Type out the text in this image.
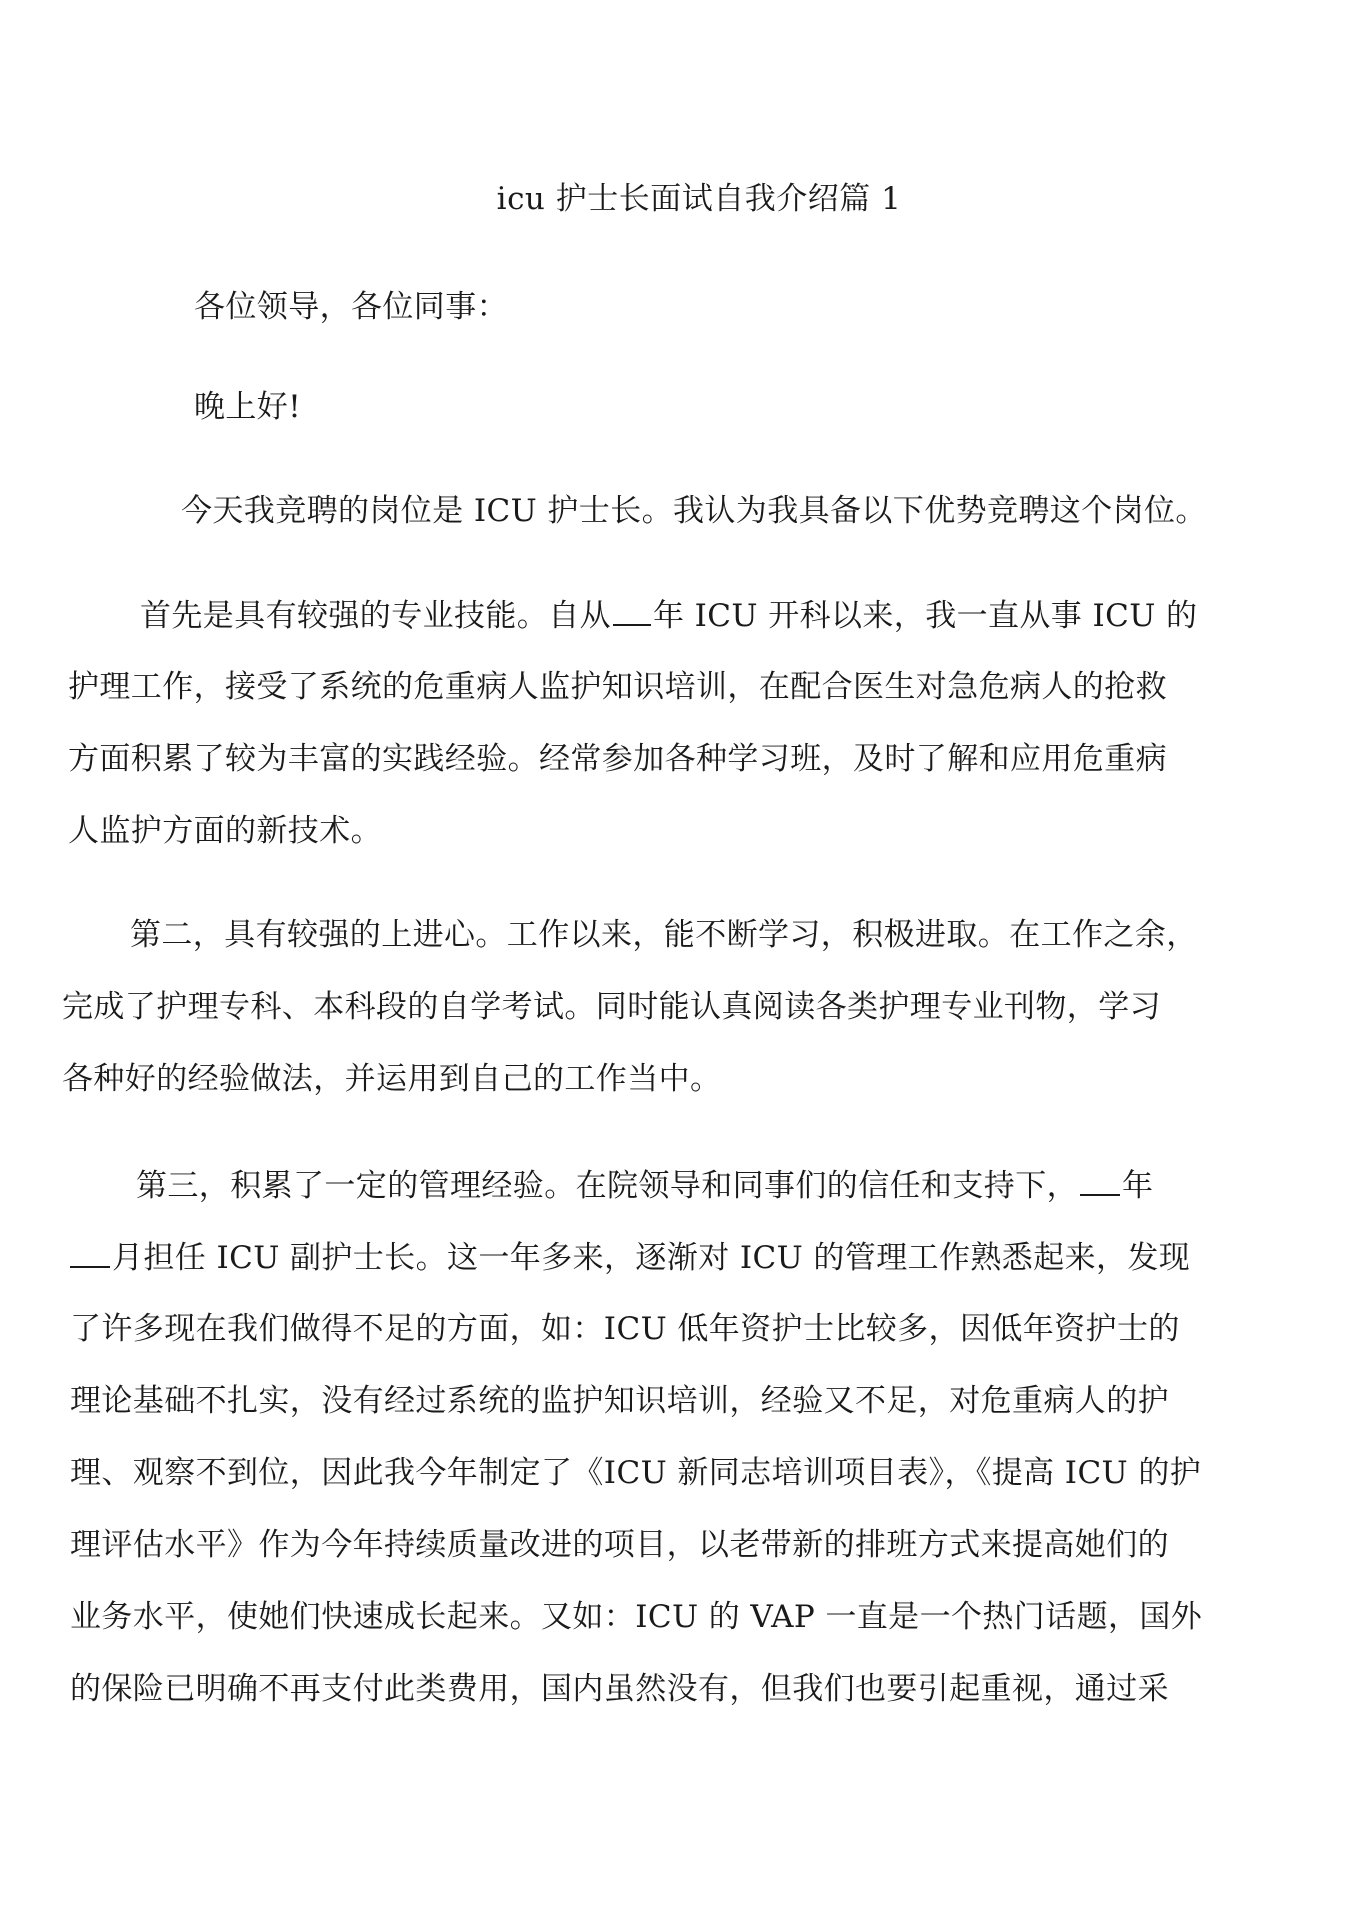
icu 护士长面试自我介绍篇 1
各位领导，各位同事：
晚上好!
今天我竞聘的岗位是 ICU 护士长。我认为我具备以下优势竞聘这个岗位。
首先是具有较强的专业技能。自从 年 ICU 开科以来，我一直从事 ICU 的
护理工作，接受了系统的危重病人监护知识培训，在配合医生对急危病人的抢救
方面积累了较为丰富的实践经验。经常参加各种学习班，及时了解和应用危重病
人监护方面的新技术。
第二，具有较强的上进心。工作以来，能不断学习，积极进取。在工作之余，
完成了护理专科、本科段的自学考试。同时能认真阅读各类护理专业刊物，学习
各种好的经验做法，并运用到自己的工作当中。
第三，积累了一定的管理经验。在院领导和同事们的信任和支持下， 年
月担任 ICU 副护士长。这一年多来，逐渐对 ICU 的管理工作熟悉起来，发现
了许多现在我们做得不足的方面，如：ICU 低年资护士比较多，因低年资护士的
理论基础不扎实，没有经过系统的监护知识培训，经验又不足，对危重病人的护
理、观察不到位，因此我今年制定了《ICU 新同志培训项目表》，《提高 ICU 的护
理评估水平》作为今年持续质量改进的项目，以老带新的排班方式来提高她们的
业务水平，使她们快速成长起来。又如：ICU 的 VAP 一直是一个热门话题，国外
的保险已明确不再支付此类费用，国内虽然没有，但我们也要引起重视，通过采
